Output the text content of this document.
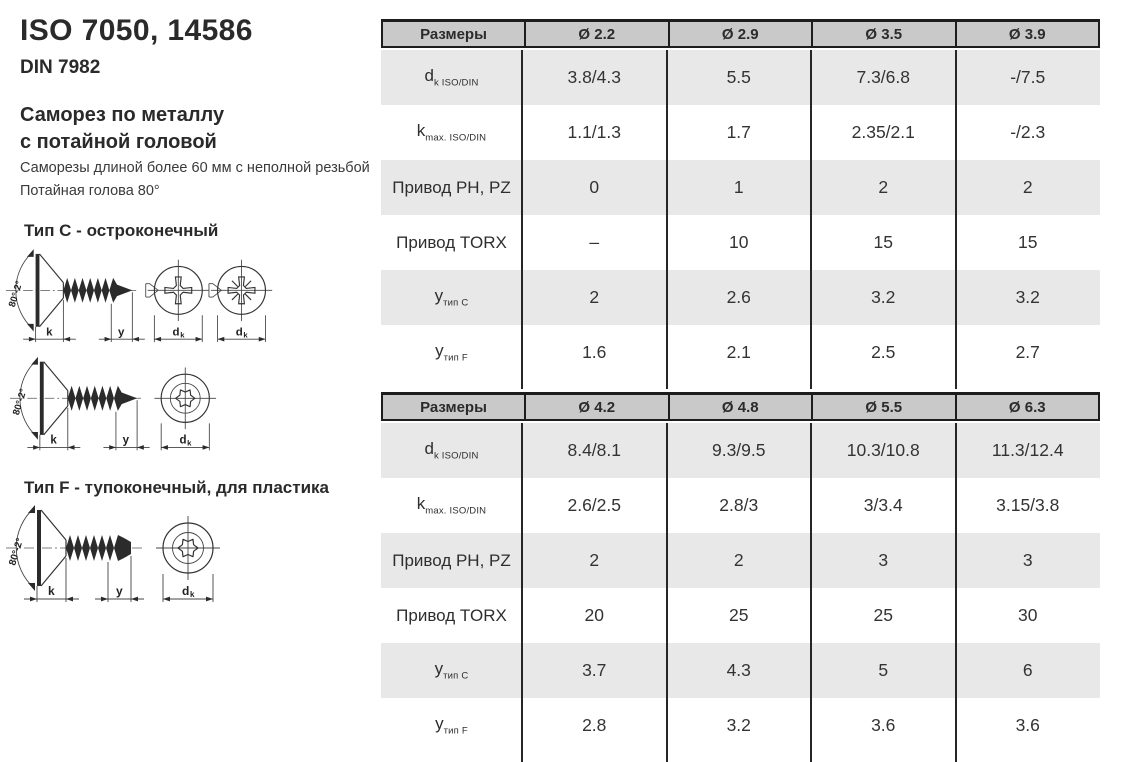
ISO 7050, 14586
DIN 7982
Саморез по металлу
с потайной головой
Саморезы длиной более 60 мм с неполной резьбой
Потайная голова 80°
Тип C - остроконечный
80°-2°
k	y	d k	d k
80°-2°
k	y	d k
Тип F - тупоконечный, для пластика
80°-2°
k	y	d k
Размеры	Ø 2.2	Ø 2.9	Ø 3.5	Ø 3.9
$d_{k ISO/DIN}$	3.8/4.3	5.5	7.3/6.8	-/7.5
$k_{max. ISO/DIN}$	1.1/1.3	1.7	2.35/2.1	-/2.3
Привод PH, PZ	0	1	2	2
Привод TORX	–	10	15	15
$y_{тип C}$	2	2.6	3.2	3.2
$y_{тип F}$	1.6	2.1	2.5	2.7
Размеры	Ø 4.2	Ø 4.8	Ø 5.5	Ø 6.3
$d_{k ISO/DIN}$	8.4/8.1	9.3/9.5	10.3/10.8	11.3/12.4
$k_{max. ISO/DIN}$	2.6/2.5	2.8/3	3/3.4	3.15/3.8
Привод PH, PZ	2	2	3	3
Привод TORX	20	25	25	30
$y_{тип C}$	3.7	4.3	5	6
$y_{тип F}$	2.8	3.2	3.6	3.6
